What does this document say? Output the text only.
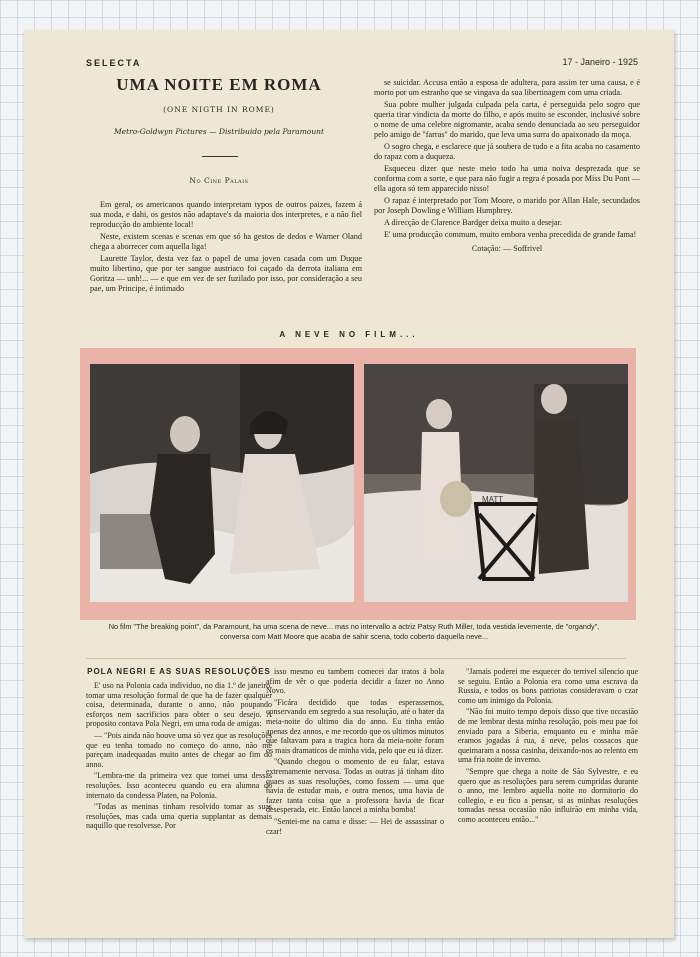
SELECTA	17 - Janeiro - 1925
UMA NOITE EM ROMA
(ONE NIGTH IN ROME)
Metro-Goldwyn Pictures — Distribuido pela Paramount
No Cine Palais

Em geral, os americanos quando interpretam typos de outros paizes, fazem á sua moda, e dahi, os gestos não adaptave's da maioria dos interpretes, e a não fiel reproducção do ambiente local!

Neste, existem scenas e scenas em que só ha gestos de dedos e Warner Oland chega a aborrecer com aquella liga!

Laurette Taylor, desta vez faz o papel de uma joven casada com um Duque muito libertino, que por ter sangue austriaco foi caçado da derrota italiana em Goritza — unh!... — e que em vez de ser fuzilado por isso, por consideração a seu pae, um Principe, é intimado

se suicidar. Accusa então a esposa de adultera, para assim ter uma causa, e é morto por um estranho que se vingava da sua libertinagem com uma criada.

Sua pobre mulher julgada culpada pela carta, é perseguida pelo sogro que queria tirar vindicta da morte do filho, e após muito se esconder, inclusivé sobre o nome de uma celebre nigromante, acaba sendo denunciada ao seu perseguidor pelo amigo de "farras" do marido, que leva uma surra do apaixonado da moça.

O sogro chega, e esclarece que já soubera de tudo e a fita acaba no casamento do rapaz com a duqueza.

Esqueceu dizer que neste meio todo ha uma noiva desprezada que se conforma com a sorte, e que para não fugir a regra é posada por Miss Du Pont — ella agora só tem apparecido nisso!

O rapaz é interpretado por Tom Moore, o marido por Allan Hale, secundados por Joseph Dowling e William Humphrey.

A direcção de Clarence Bardger deixa muito a desejar.

E' uma producção commum, muito embora venha precedida de grande fama!

Cotação: — Soffrivel

A NEVE NO FILM...
MATT
No film "The breaking point", da Paramount, ha uma scena de neve... mas no intervallo a actriz Patsy Ruth Miller, toda vestida levemente, de "organdy", conversa com Matt Moore que acaba de sahir scena, todo coberto daquella neve...
POLA NEGRI E AS SUAS RESOLUÇÕES

E' uso na Polonia cada individuo, no dia 1.º de janeiro, tomar uma resolução formal de que ha de fazer qualquer coisa, determinada, durante o anno, não poupando esforços nem sacrificios para obter o seu desejo. A proposito contava Pola Negri, em uma roda de amigas:

— "Pois ainda não houve uma só vez que as resoluções que eu tenha tomado no começo do anno, não me pareçam inadequadas muito antes de chegar ao fim do anno.

"Lembra-me da primeira vez que tomei uma dessas resoluções. Isso aconteceu quando eu era alumna do internato da condessa Platen, na Polonia.

"Todas as meninas tinham resolvido tomar as suas resoluções, mas cada uma queria supplantar as demais naquillo que resolvesse. Por

isso mesmo eu tambem comecei dar tratos á bola afim de vêr o que poderia decidir a fazer no Anno Novo.

"Ficára decidido que todas esperassemos, conservando em segredo a sua resolução, até o bater da meia-noite do ultimo dia do anno. Eu tinha então apenas dez annos, e me recordo que os ultimos minutos que faltavam para a tragica hora da meia-noite foram os mais dramaticos de minha vida, pelo que eu iá dizer.

"Quando chegou o momento de eu falar, estava extremamente nervosa. Todas as outras já tinham dito quaes as suas resoluções, como fossem — uma que havia de estudar mais, e outra menos, uma havia de fazer tanta coisa que a professora havia de ficar desesperada, etc. Então lancei a minha bomba!

"Sentei-me na cama e disse: — Hei de assassinar o czar!

"Jamais poderei me esquecer do terrivel silencio que se seguiu. Então a Polonia era como uma escrava da Russia, e todos os bons patriotas consideravam o czar como um inimigo da Polonia.

"Não foi muito tempo depois disso que tive occasião de me lembrar desta minha resolução, pois meu pae foi enviado para a Siberia, emquanto eu e minha mãe eramos jogadas á rua, á neve, pelos cossacos que queimaram a nossa casinha, deixando-nos ao relento em uma fria noite de inverno.

"Sempre que chega a noite de São Sylvestre, e eu quero que as resoluções para serem cumpridas durante o anno, me lembro aquella noite no dormitorio do collegio, e eu fico a pensar, si as minhas resoluções tomadas nessa occasião não influirão em minha vida, como aconteceu então..."
